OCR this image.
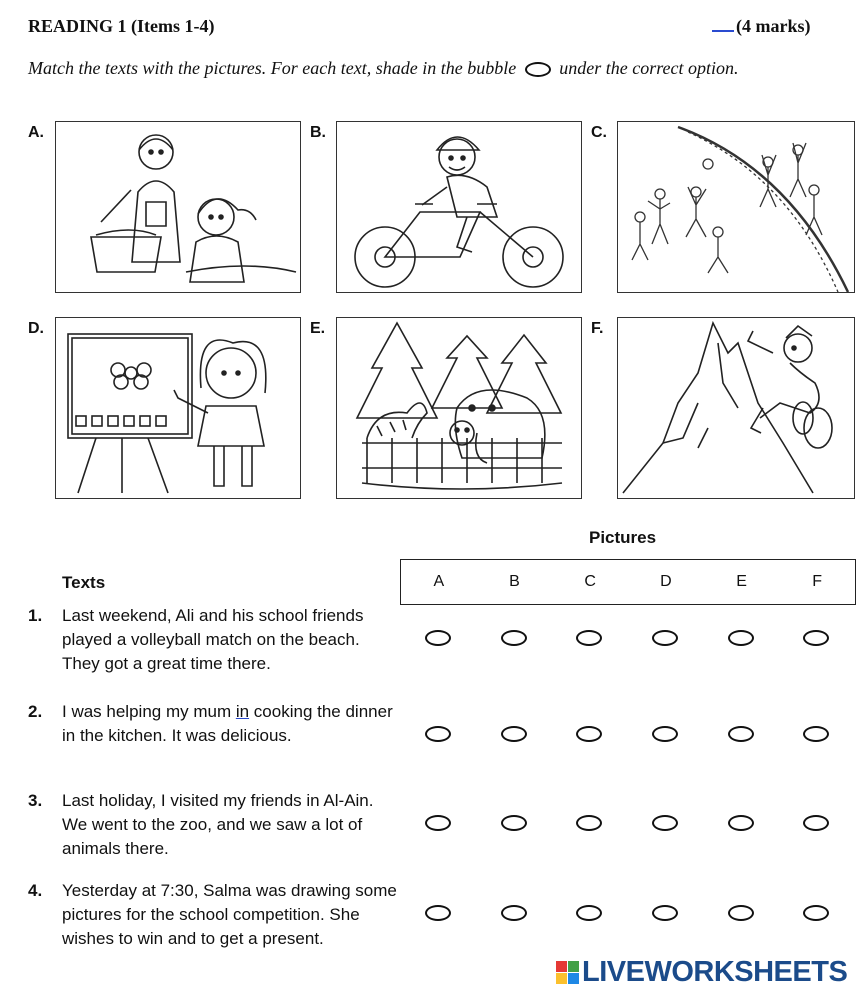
READING 1 (Items 1-4)	(4 marks)
Match the texts with the pictures. For each text, shade in the bubble under the correct option.
A.	B.	C.
D.	E.	F.
Pictures
Texts	A	B	C	D	E	F
1. Last weekend, Ali and his school friends played a volleyball match on the beach. They got a great time there.
2. I was helping my mum in cooking the dinner in the kitchen. It was delicious.
3. Last holiday, I visited my friends in Al-Ain. We went to the zoo, and we saw a lot of animals there.
4. Yesterday at 7:30, Salma was drawing some pictures for the school competition. She wishes to win and to get a present.
LIVEWORKSHEETS
